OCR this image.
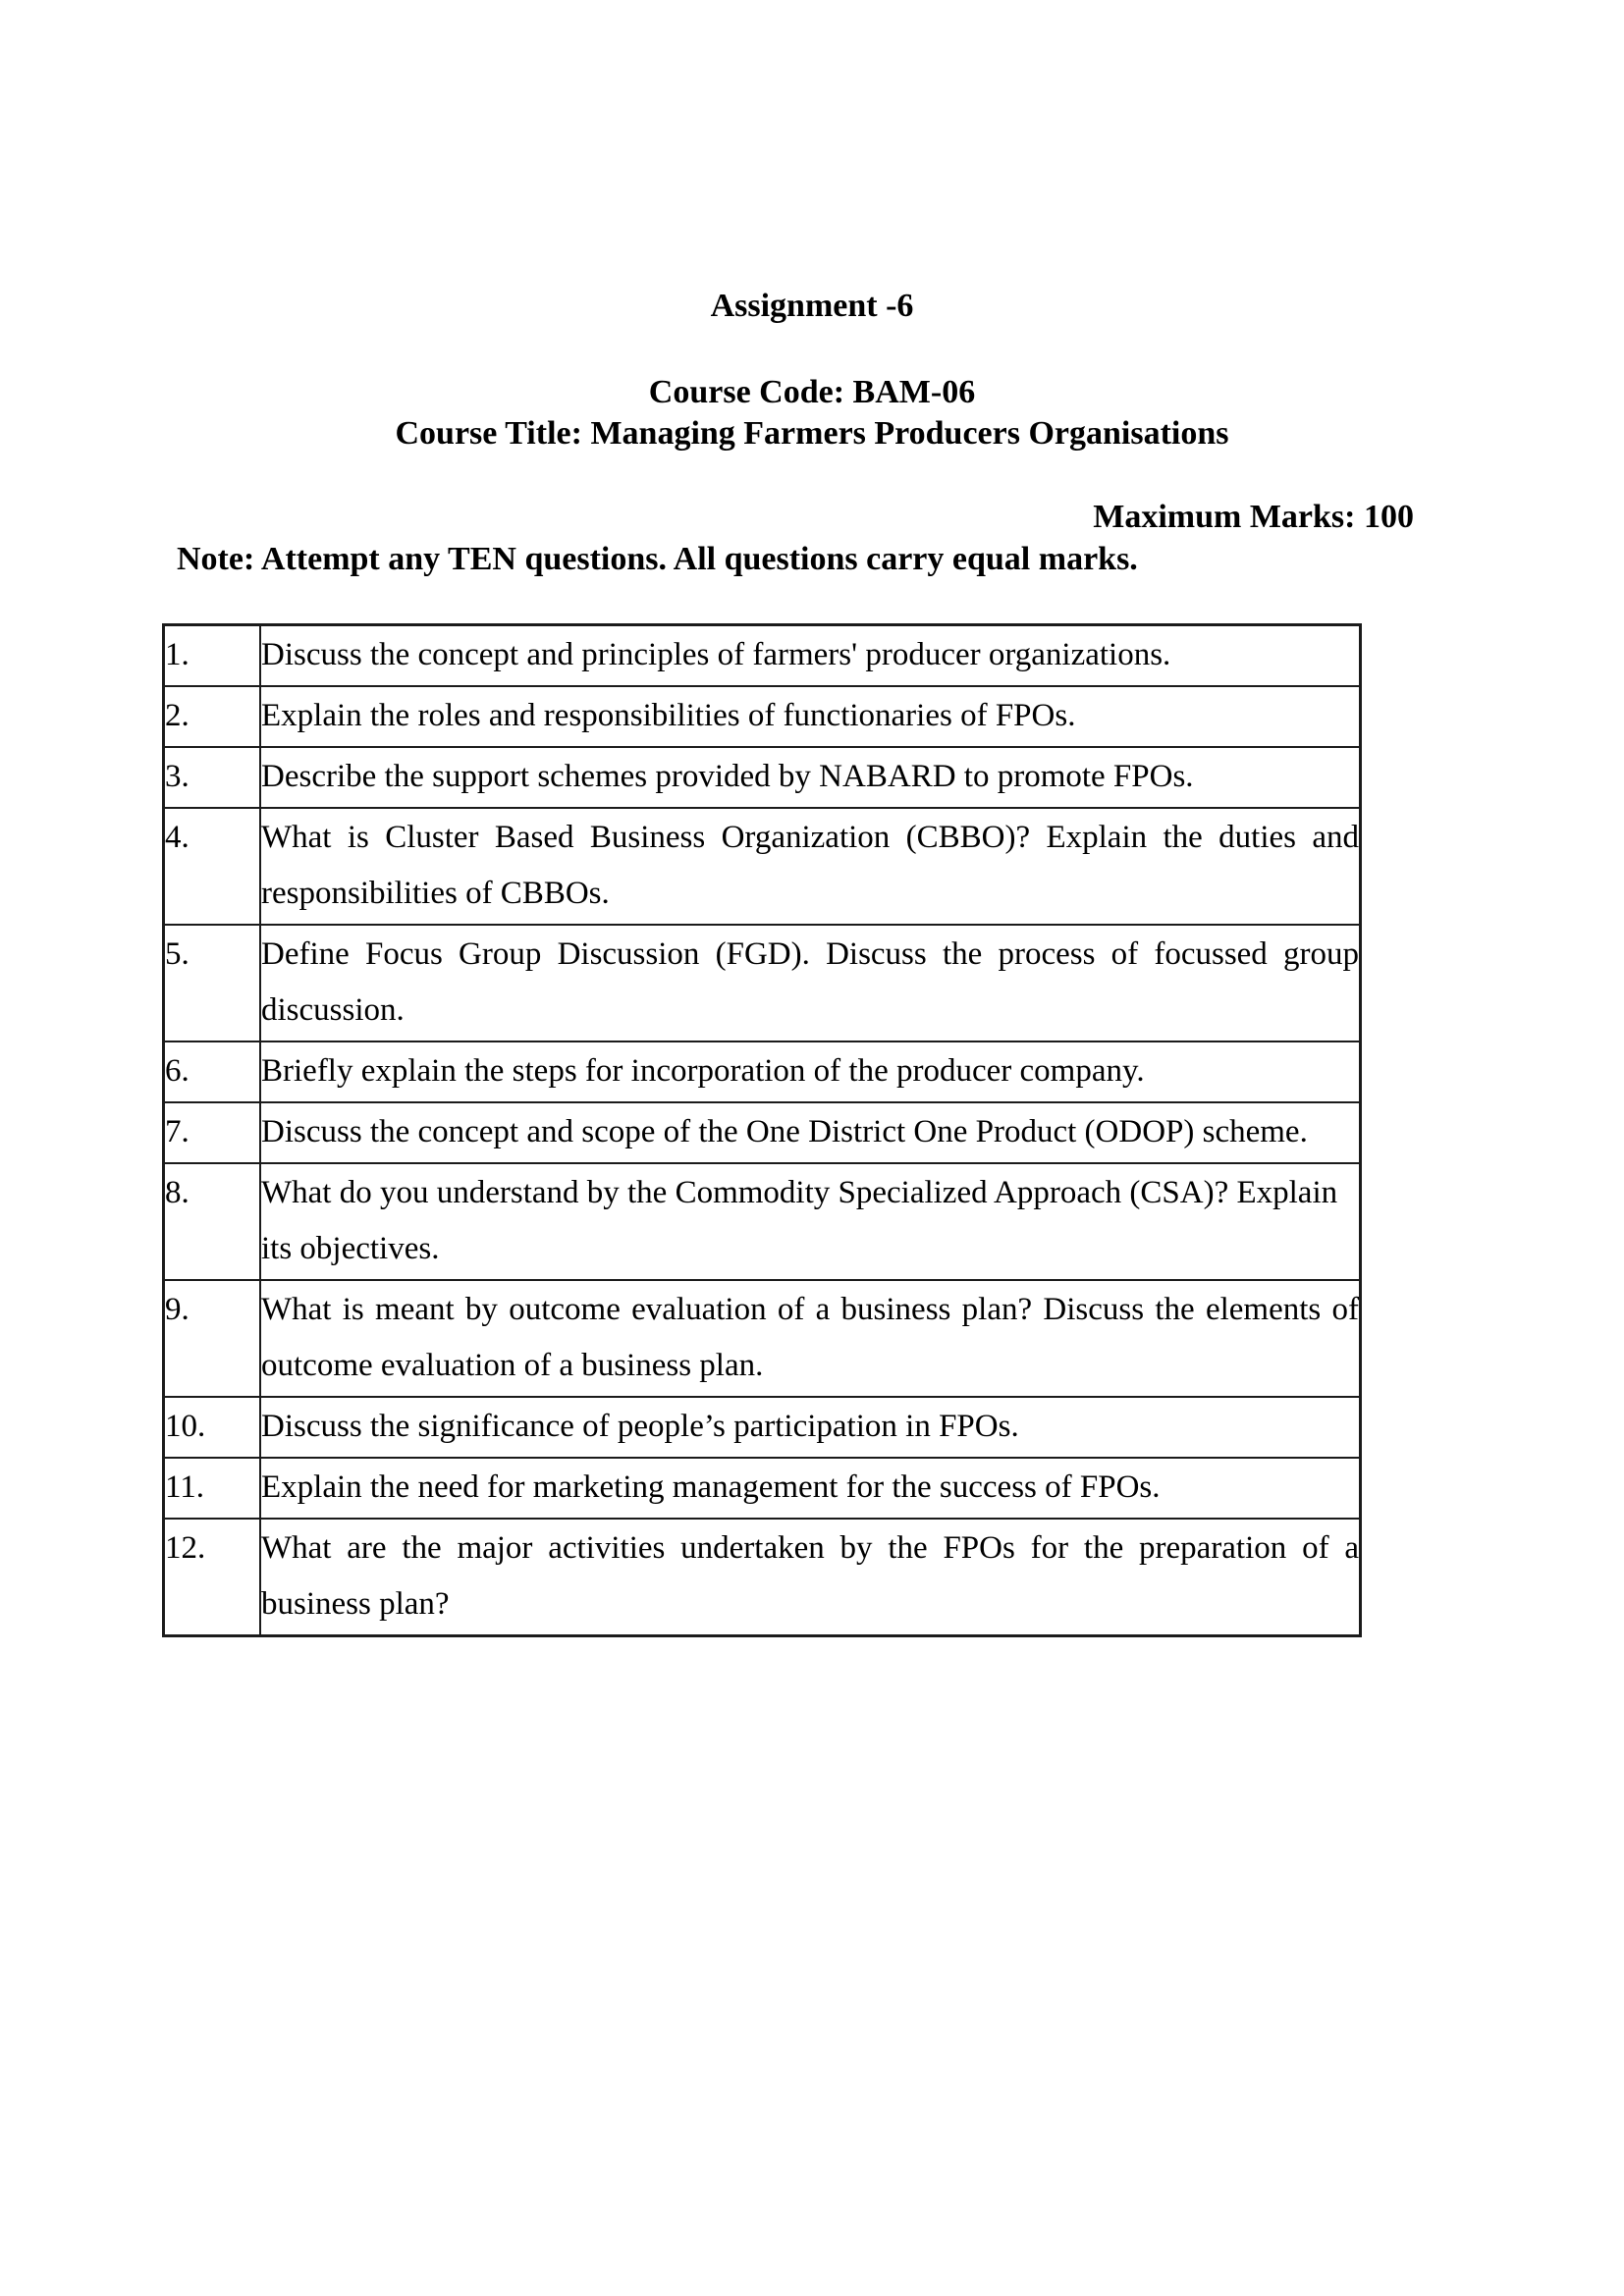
Assignment -6
Course Code: BAM-06
Course Title: Managing Farmers Producers Organisations
Maximum Marks: 100
Note: Attempt any TEN questions. All questions carry equal marks.
1.	Discuss the concept and principles of farmers' producer organizations.
2.	Explain the roles and responsibilities of functionaries of FPOs.
3.	Describe the support schemes provided by NABARD to promote FPOs.
4.	What is Cluster Based Business Organization (CBBO)? Explain the duties and responsibilities of CBBOs.
5.	Define Focus Group Discussion (FGD). Discuss the process of focussed group discussion.
6.	Briefly explain the steps for incorporation of the producer company.
7.	Discuss the concept and scope of the One District One Product (ODOP) scheme.
8.	What do you understand by the Commodity Specialized Approach (CSA)? Explain its objectives.
9.	What is meant by outcome evaluation of a business plan? Discuss the elements of outcome evaluation of a business plan.
10.	Discuss the significance of people’s participation in FPOs.
11.	Explain the need for marketing management for the success of FPOs.
12.	What are the major activities undertaken by the FPOs for the preparation of a business plan?
